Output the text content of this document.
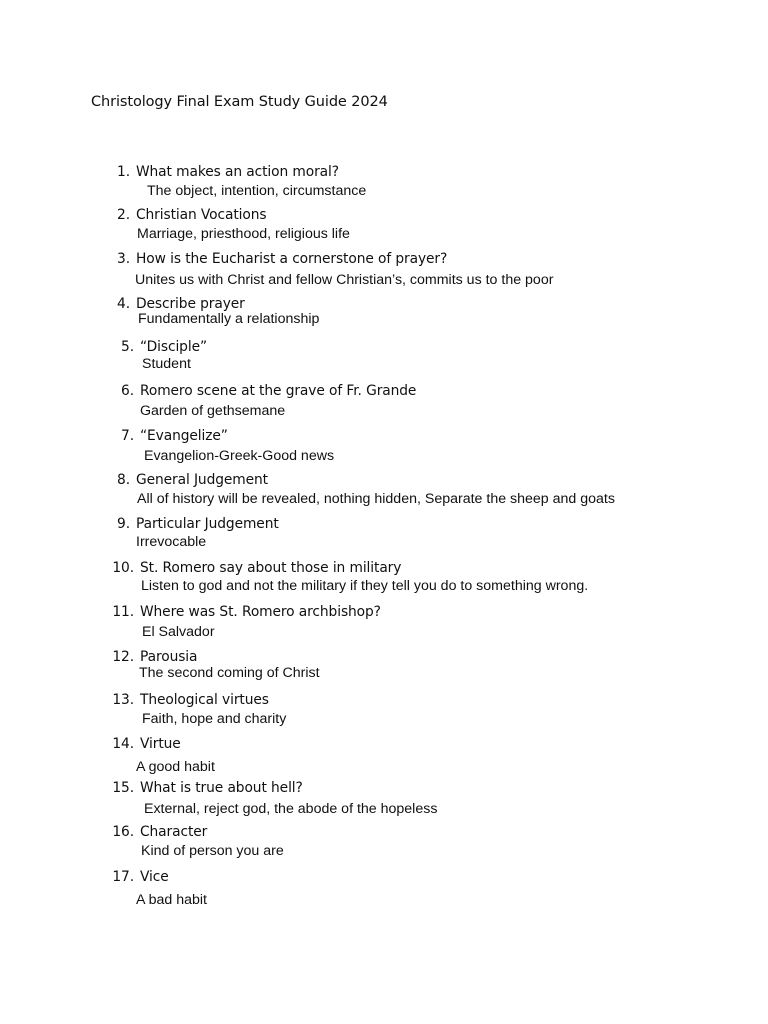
Christology Final Exam Study Guide 2024
1. What makes an action moral?
The object, intention, circumstance
2. Christian Vocations
Marriage, priesthood, religious life
3. How is the Eucharist a cornerstone of prayer?
Unites us with Christ and fellow Christian’s, commits us to the poor
4. Describe prayer
Fundamentally a relationship
5. “Disciple”
Student
6. Romero scene at the grave of Fr. Grande
Garden of gethsemane
7. “Evangelize”
Evangelion-Greek-Good news
8. General Judgement
All of history will be revealed, nothing hidden, Separate the sheep and goats
9. Particular Judgement
Irrevocable
10. St. Romero say about those in military
Listen to god and not the military if they tell you do to something wrong.
11. Where was St. Romero archbishop?
El Salvador
12. Parousia
The second coming of Christ
13. Theological virtues
Faith, hope and charity
14. Virtue
A good habit
15. What is true about hell?
External, reject god, the abode of the hopeless
16. Character
Kind of person you are
17. Vice
A bad habit
